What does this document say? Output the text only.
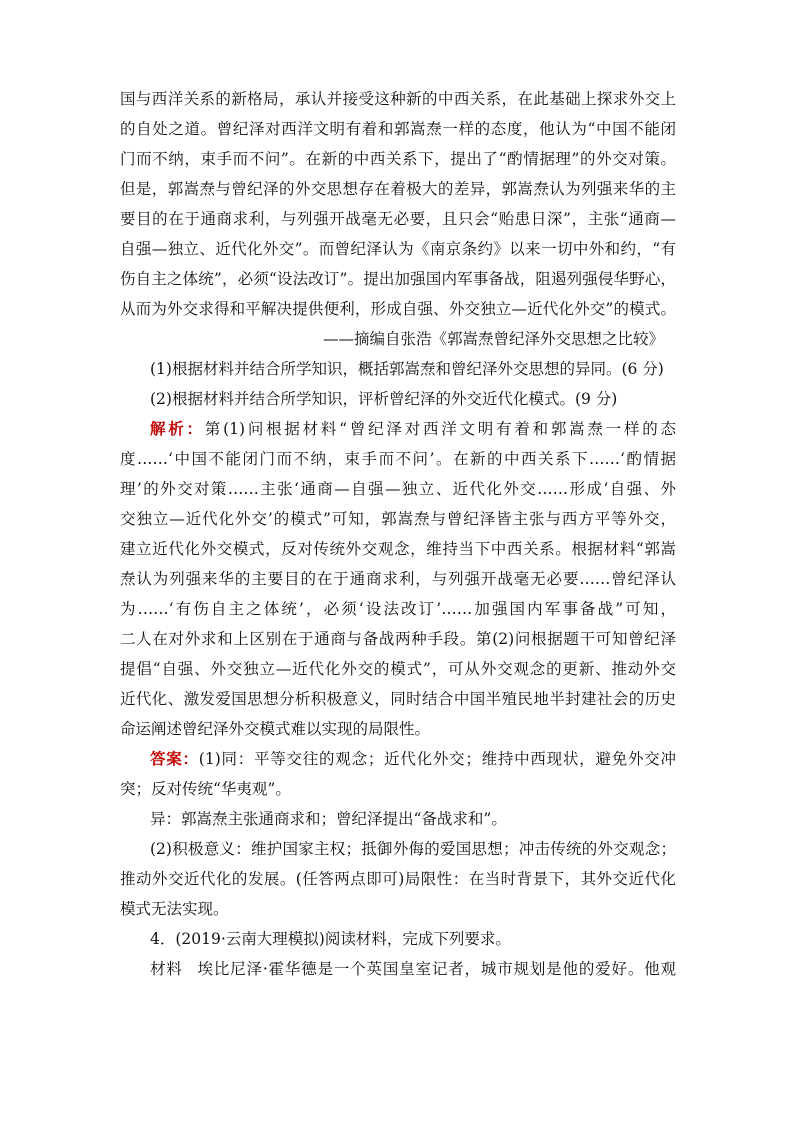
国与西洋关系的新格局，承认并接受这种新的中西关系，在此基础上探求外交上
的自处之道。曾纪泽对西洋文明有着和郭嵩焘一样的态度，他认为“中国不能闭
门而不纳，束手而不问”。在新的中西关系下，提出了“酌情据理”的外交对策。
但是，郭嵩焘与曾纪泽的外交思想存在着极大的差异，郭嵩焘认为列强来华的主
要目的在于通商求利，与列强开战毫无必要，且只会“贻患日深”，主张“通商—
自强—独立、近代化外交”。而曾纪泽认为《南京条约》以来一切中外和约，“有
伤自主之体统”，必须“设法改订”。提出加强国内军事备战，阻遏列强侵华野心，
从而为外交求得和平解决提供便利，形成自强、外交独立—近代化外交”的模式。
——摘编自张浩《郭嵩焘曾纪泽外交思想之比较》
(1)根据材料并结合所学知识，概括郭嵩焘和曾纪泽外交思想的异同。(6 分)
(2)根据材料并结合所学知识，评析曾纪泽的外交近代化模式。(9 分)
解析：第(1)问根据材料“曾纪泽对西洋文明有着和郭嵩焘一样的态
度……‘中国不能闭门而不纳，束手而不问’。在新的中西关系下……‘酌情据
理’的外交对策……主张‘通商—自强—独立、近代化外交……形成‘自强、外
交独立—近代化外交’的模式”可知，郭嵩焘与曾纪泽皆主张与西方平等外交，
建立近代化外交模式，反对传统外交观念，维持当下中西关系。根据材料“郭嵩
焘认为列强来华的主要目的在于通商求利，与列强开战毫无必要……曾纪泽认
为……‘有伤自主之体统’，必须‘设法改订’……加强国内军事备战”可知，
二人在对外求和上区别在于通商与备战两种手段。第(2)问根据题干可知曾纪泽
提倡“自强、外交独立—近代化外交的模式”，可从外交观念的更新、推动外交
近代化、激发爱国思想分析积极意义，同时结合中国半殖民地半封建社会的历史
命运阐述曾纪泽外交模式难以实现的局限性。
答案：(1)同：平等交往的观念；近代化外交；维持中西现状，避免外交冲
突；反对传统“华夷观”。
异：郭嵩焘主张通商求和；曾纪泽提出“备战求和”。
(2)积极意义：维护国家主权；抵御外侮的爱国思想；冲击传统的外交观念；
推动外交近代化的发展。(任答两点即可)局限性：在当时背景下，其外交近代化
模式无法实现。
4．(2019·云南大理模拟)阅读材料，完成下列要求。
材料 埃比尼泽·霍华德是一个英国皇室记者，城市规划是他的爱好。他观
